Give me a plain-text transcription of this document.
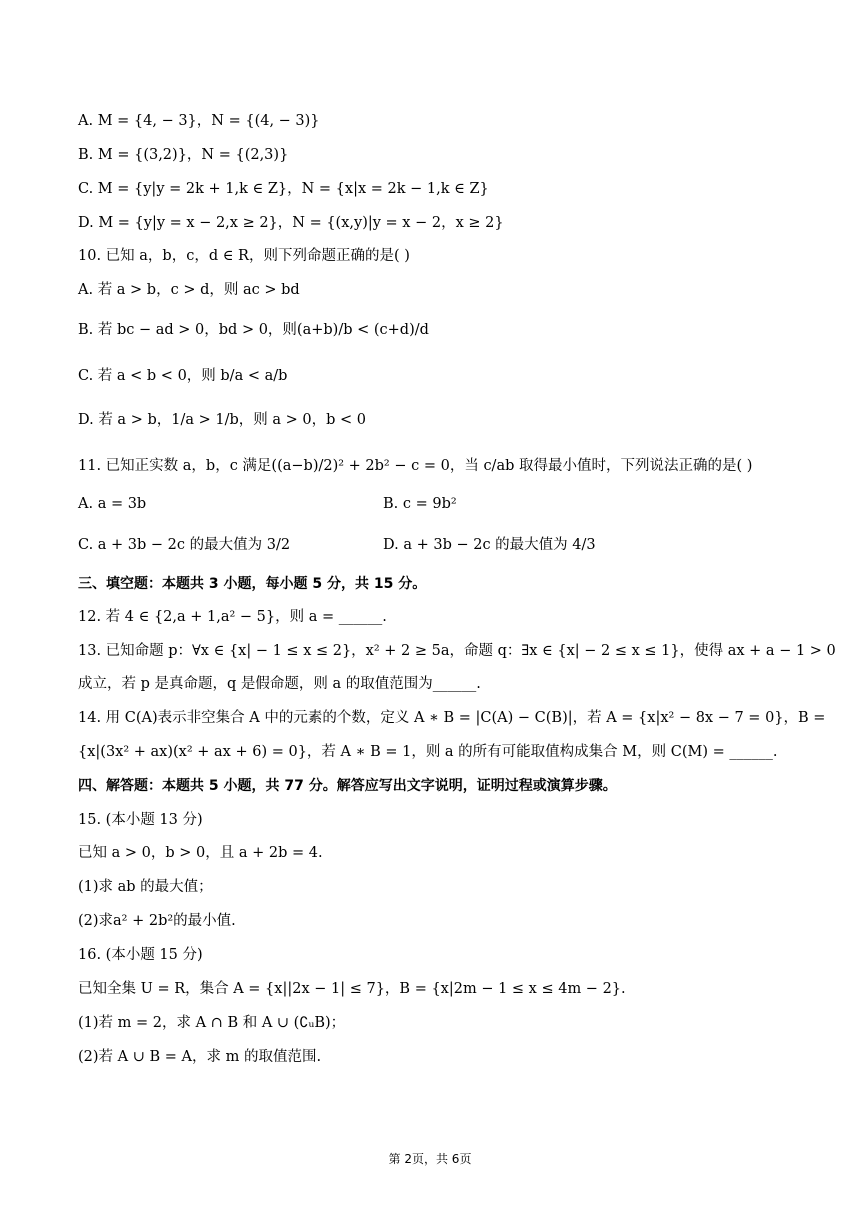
A. M = {4, − 3}，N = {(4, − 3)}
B. M = {(3,2)}，N = {(2,3)}
C. M = {y|y = 2k + 1,k ∈ Z}，N = {x|x = 2k − 1,k ∈ Z}
D. M = {y|y = x − 2,x ≥ 2}，N = {(x,y)|y = x − 2，x ≥ 2}
10. 已知 a，b，c，d ∈ R，则下列命题正确的是( )
A. 若 a > b，c > d，则 ac > bd
B. 若 bc − ad > 0，bd > 0，则(a+b)/b < (c+d)/d
C. 若 a < b < 0，则 b/a < a/b
D. 若 a > b，1/a > 1/b，则 a > 0，b < 0
11. 已知正实数 a，b，c 满足((a−b)/2)² + 2b² − c = 0，当 c/ab 取得最小值时，下列说法正确的是( )
A. a = 3b	B. c = 9b²
C. a + 3b − 2c 的最大值为 3/2	D. a + 3b − 2c 的最大值为 4/3
三、填空题：本题共 3 小题，每小题 5 分，共 15 分。
12. 若 4 ∈ {2,a + 1,a² − 5}，则 a = ______.
13. 已知命题 p：∀x ∈ {x| − 1 ≤ x ≤ 2}，x² + 2 ≥ 5a，命题 q：∃x ∈ {x| − 2 ≤ x ≤ 1}，使得 ax + a − 1 > 0
成立，若 p 是真命题，q 是假命题，则 a 的取值范围为______.
14. 用 C(A)表示非空集合 A 中的元素的个数，定义 A ∗ B = |C(A) − C(B)|，若 A = {x|x² − 8x − 7 = 0}，B =
{x|(3x² + ax)(x² + ax + 6) = 0}，若 A ∗ B = 1，则 a 的所有可能取值构成集合 M，则 C(M) = ______.
四、解答题：本题共 5 小题，共 77 分。解答应写出文字说明，证明过程或演算步骤。
15. (本小题 13 分)
已知 a > 0，b > 0，且 a + 2b = 4.
(1)求 ab 的最大值；
(2)求a² + 2b²的最小值.
16. (本小题 15 分)
已知全集 U = R，集合 A = {x||2x − 1| ≤ 7}，B = {x|2m − 1 ≤ x ≤ 4m − 2}.
(1)若 m = 2，求 A ∩ B 和 A ∪ (∁ᵤB)；
(2)若 A ∪ B = A，求 m 的取值范围.
第 2页，共 6页
